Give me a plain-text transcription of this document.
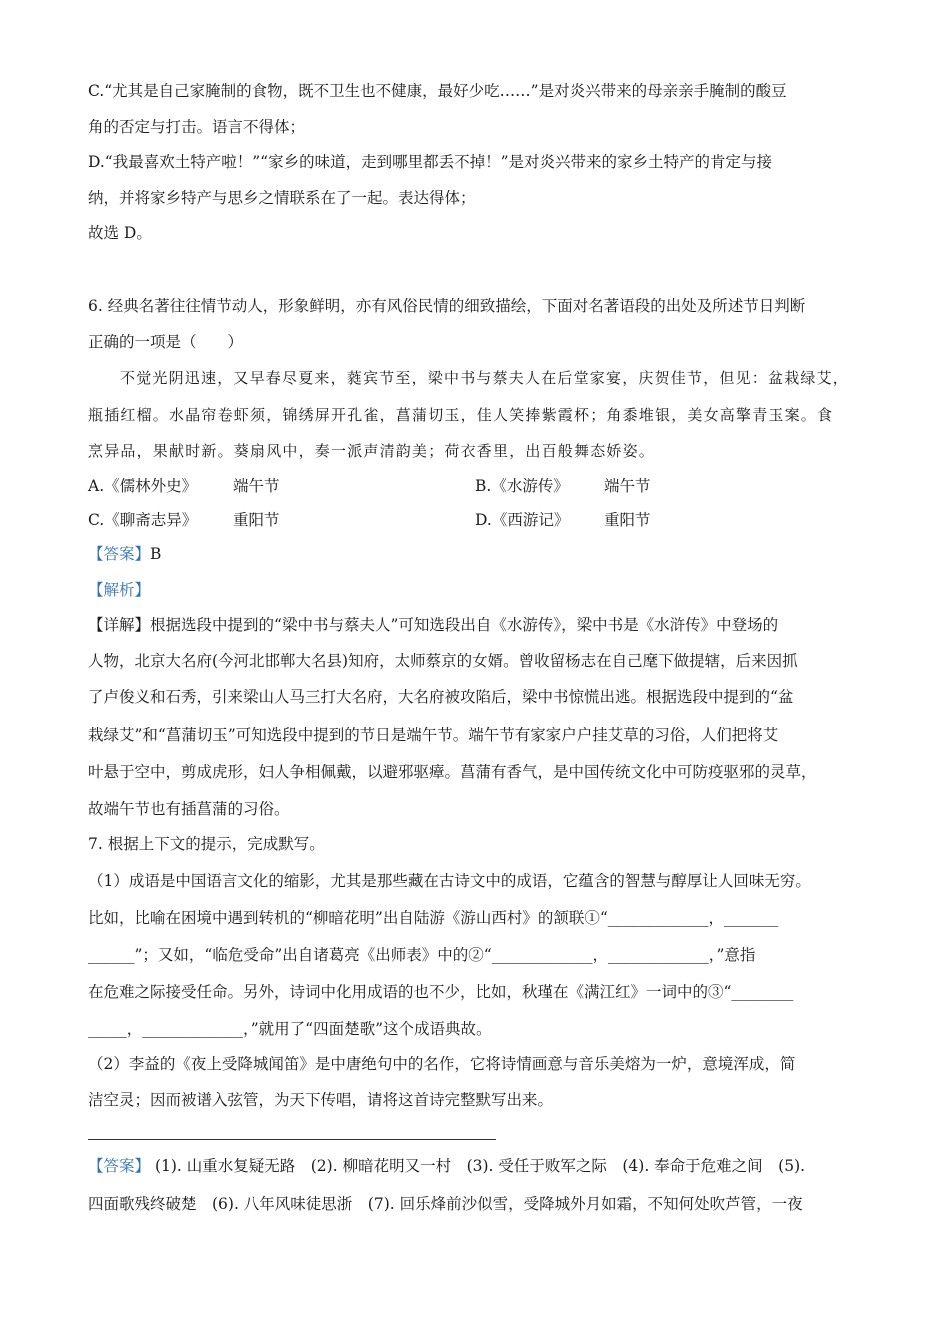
C.“尤其是自己家腌制的食物，既不卫生也不健康，最好少吃……”是对炎兴带来的母亲亲手腌制的酸豆
角的否定与打击。语言不得体；
D.“我最喜欢土特产啦！”“家乡的味道，走到哪里都丢不掉！”是对炎兴带来的家乡土特产的肯定与接
纳，并将家乡特产与思乡之情联系在了一起。表达得体；
故选 D。
6. 经典名著往往情节动人，形象鲜明，亦有风俗民情的细致描绘，下面对名著语段的出处及所述节日判断
正确的一项是（　　）
不觉光阴迅速，又早春尽夏来，蕤宾节至，梁中书与蔡夫人在后堂家宴，庆贺佳节，但见：盆栽绿艾，
瓶插红榴。水晶帘卷虾须，锦绣屏开孔雀，菖蒲切玉，佳人笑捧紫霞杯；角黍堆银，美女高擎青玉案。食
烹异品，果献时新。葵扇风中，奏一派声清韵美；荷衣香里，出百般舞态娇姿。
A.《儒林外史》 端午节	B.《水游传》 端午节
C.《聊斋志异》 重阳节	D.《西游记》 重阳节
【答案】B
【解析】
【详解】根据选段中提到的“梁中书与蔡夫人”可知选段出自《水游传》，梁中书是《水浒传》中登场的
人物，北京大名府(今河北邯郸大名县)知府，太师蔡京的女婿。曾收留杨志在自己麾下做提辖，后来因抓
了卢俊义和石秀，引来梁山人马三打大名府，大名府被攻陷后，梁中书惊慌出逃。根据选段中提到的“盆
栽绿艾”和“菖蒲切玉”可知选段中提到的节日是端午节。端午节有家家户户挂艾草的习俗，人们把将艾
叶悬于空中，剪成虎形，妇人争相佩戴，以避邪驱瘴。菖蒲有香气，是中国传统文化中可防疫驱邪的灵草，
故端午节也有插菖蒲的习俗。
7. 根据上下文的提示，完成默写。
（1）成语是中国语言文化的缩影，尤其是那些藏在古诗文中的成语，它蕴含的智慧与醇厚让人回味无穷。
比如，比喻在困境中遇到转机的“柳暗花明”出自陆游《游山西村》的颔联①“_____________，_______
______”；又如，“临危受命”出自诸葛亮《出师表》中的②“_____________，_____________，”意指
在危难之际接受任命。另外，诗词中化用成语的也不少，比如，秋瑾在《满江红》一词中的③“________
_____，_____________，”就用了“四面楚歌”这个成语典故。
（2）李益的《夜上受降城闻笛》是中唐绝句中的名作，它将诗情画意与音乐美熔为一炉，意境浑成，简
洁空灵；因而被谱入弦管，为天下传唱，请将这首诗完整默写出来。
【答案】 (1). 山重水复疑无路　(2). 柳暗花明又一村　(3). 受任于败军之际　(4). 奉命于危难之间　(5).
四面歌残终破楚　(6). 八年风味徒思浙　(7). 回乐烽前沙似雪，受降城外月如霜，不知何处吹芦管，一夜
